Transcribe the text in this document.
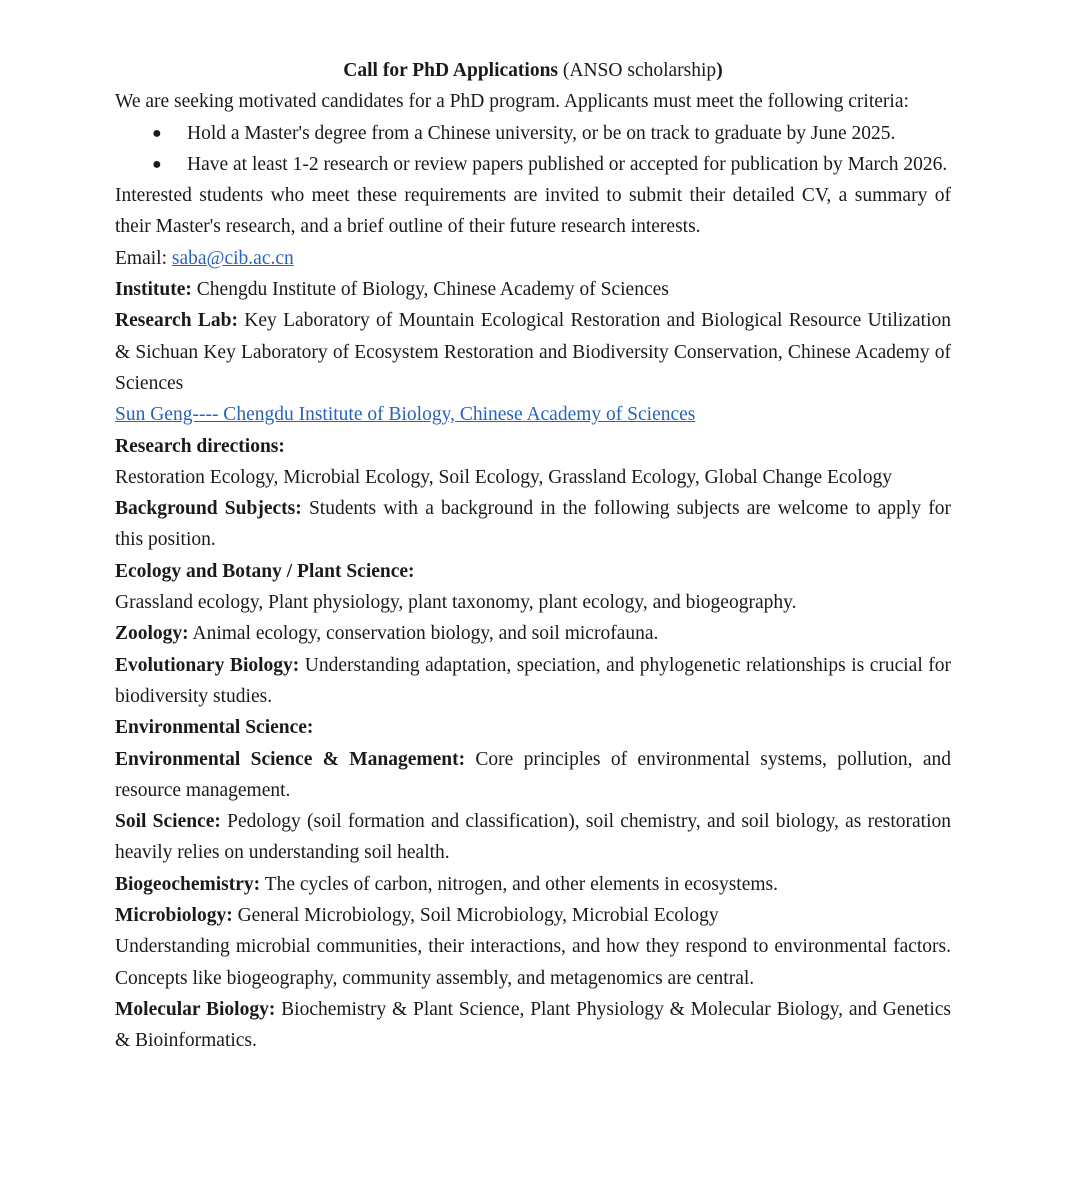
Call for PhD Applications (ANSO scholarship)

We are seeking motivated candidates for a PhD program. Applicants must meet the following criteria:

● Hold a Master's degree from a Chinese university, or be on track to graduate by June 2025.
● Have at least 1-2 research or review papers published or accepted for publication by March 2026.

Interested students who meet these requirements are invited to submit their detailed CV, a summary of their Master's research, and a brief outline of their future research interests.

Email: saba@cib.ac.cn

Institute: Chengdu Institute of Biology, Chinese Academy of Sciences

Research Lab: Key Laboratory of Mountain Ecological Restoration and Biological Resource Utilization & Sichuan Key Laboratory of Ecosystem Restoration and Biodiversity Conservation, Chinese Academy of Sciences

Sun Geng---- Chengdu Institute of Biology, Chinese Academy of Sciences

Research directions:

Restoration Ecology, Microbial Ecology, Soil Ecology, Grassland Ecology, Global Change Ecology

Background Subjects: Students with a background in the following subjects are welcome to apply for this position.

Ecology and Botany / Plant Science:

Grassland ecology, Plant physiology, plant taxonomy, plant ecology, and biogeography.

Zoology: Animal ecology, conservation biology, and soil microfauna.

Evolutionary Biology: Understanding adaptation, speciation, and phylogenetic relationships is crucial for biodiversity studies.

Environmental Science:

Environmental Science & Management: Core principles of environmental systems, pollution, and resource management.

Soil Science: Pedology (soil formation and classification), soil chemistry, and soil biology, as restoration heavily relies on understanding soil health.

Biogeochemistry: The cycles of carbon, nitrogen, and other elements in ecosystems.

Microbiology: General Microbiology, Soil Microbiology, Microbial Ecology

Understanding microbial communities, their interactions, and how they respond to environmental factors. Concepts like biogeography, community assembly, and metagenomics are central.

Molecular Biology: Biochemistry & Plant Science, Plant Physiology & Molecular Biology, and Genetics & Bioinformatics.
